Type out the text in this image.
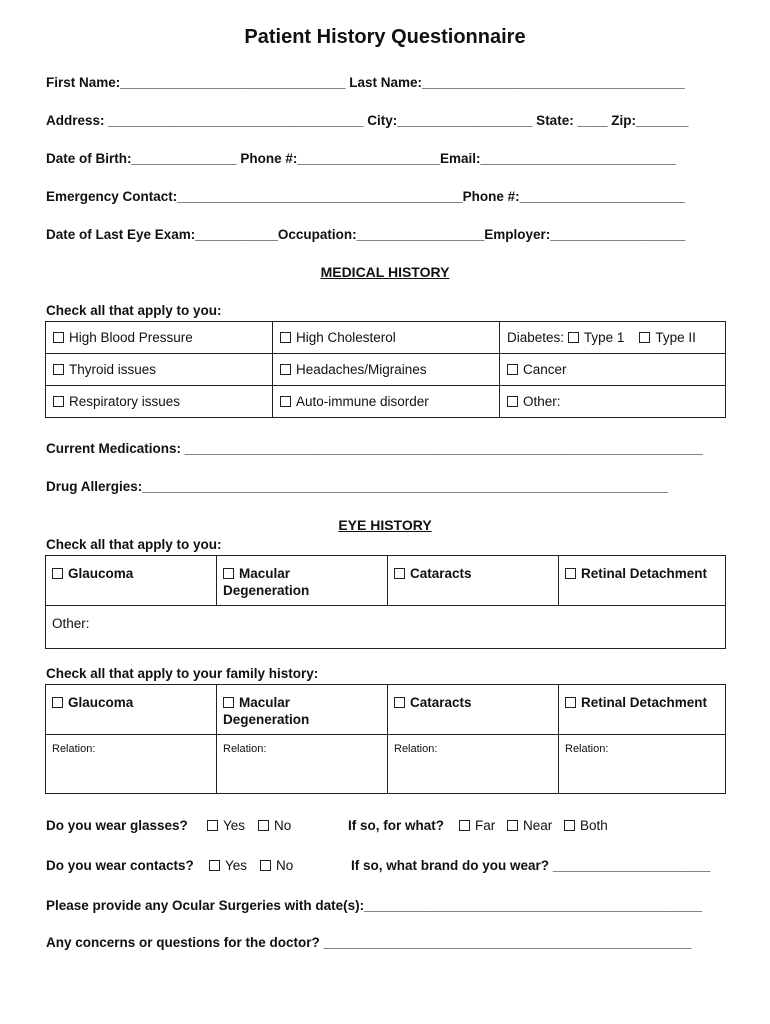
Patient History Questionnaire
First Name:______________________________ Last Name:___________________________________
Address: __________________________________ City:__________________ State: ____ Zip:_______
Date of Birth:______________ Phone #:___________________Email:__________________________
Emergency Contact:______________________________________Phone #:______________________
Date of Last Eye Exam:___________Occupation:_________________Employer:__________________
MEDICAL HISTORY
Check all that apply to you:
High Blood Pressure	High Cholesterol	Diabetes: Type 1 Type II
Thyroid issues	Headaches/Migraines	Cancer
Respiratory issues	Auto-immune disorder	Other:
Current Medications: _____________________________________________________________________
Drug Allergies:______________________________________________________________________
EYE HISTORY
Check all that apply to you:
Glaucoma	Macular
Degeneration	Cataracts	Retinal Detachment
Other:
Check all that apply to your family history:
Glaucoma	Macular
Degeneration	Cataracts	Retinal Detachment
Relation:	Relation:	Relation:	Relation:
Do you wear glasses?	Yes	No	If so, for what?	Far	Near	Both
Do you wear contacts?	Yes	No	If so, what brand do you wear? _____________________
Please provide any Ocular Surgeries with date(s):_____________________________________________
Any concerns or questions for the doctor? _________________________________________________
